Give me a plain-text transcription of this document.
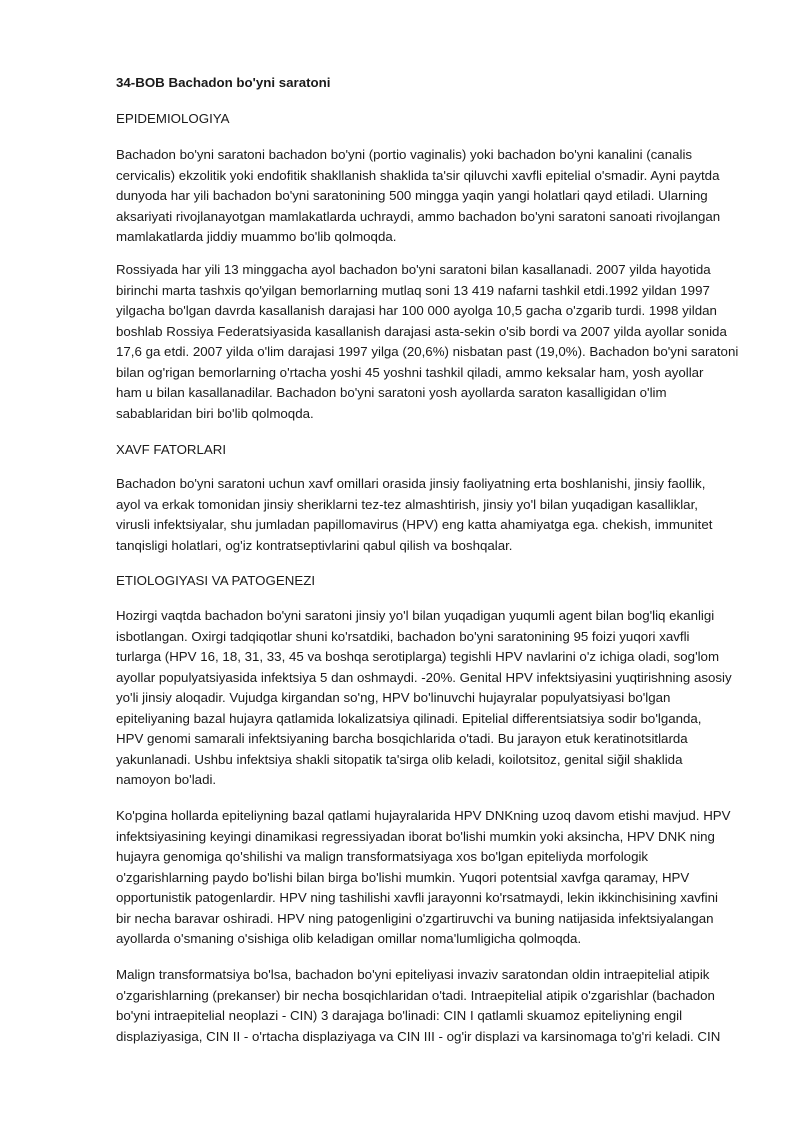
34-BOB Bachadon bo'yni saratoni
EPIDEMIOLOGIYA
Bachadon bo'yni saratoni bachadon bo'yni (portio vaginalis) yoki bachadon bo'yni kanalini (canalis
cervicalis) ekzolitik yoki endofitik shakllanish shaklida ta'sir qiluvchi xavfli epitelial o'smadir. Ayni paytda
dunyoda har yili bachadon bo'yni saratonining 500 mingga yaqin yangi holatlari qayd etiladi. Ularning
aksariyati rivojlanayotgan mamlakatlarda uchraydi, ammo bachadon bo'yni saratoni sanoati rivojlangan
mamlakatlarda jiddiy muammo bo'lib qolmoqda.
Rossiyada har yili 13 minggacha ayol bachadon bo'yni saratoni bilan kasallanadi. 2007 yilda hayotida
birinchi marta tashxis qo'yilgan bemorlarning mutlaq soni 13 419 nafarni tashkil etdi.1992 yildan 1997
yilgacha bo'lgan davrda kasallanish darajasi har 100 000 ayolga 10,5 gacha o'zgarib turdi. 1998 yildan
boshlab Rossiya Federatsiyasida kasallanish darajasi asta-sekin o'sib bordi va 2007 yilda ayollar sonida
17,6 ga etdi. 2007 yilda o'lim darajasi 1997 yilga (20,6%) nisbatan past (19,0%). Bachadon bo'yni saratoni
bilan og'rigan bemorlarning o'rtacha yoshi 45 yoshni tashkil qiladi, ammo keksalar ham, yosh ayollar
ham u bilan kasallanadilar. Bachadon bo'yni saratoni yosh ayollarda saraton kasalligidan o'lim
sabablaridan biri bo'lib qolmoqda.
XAVF FATORLARI
Bachadon bo'yni saratoni uchun xavf omillari orasida jinsiy faoliyatning erta boshlanishi, jinsiy faollik,
ayol va erkak tomonidan jinsiy sheriklarni tez-tez almashtirish, jinsiy yo'l bilan yuqadigan kasalliklar,
virusli infektsiyalar, shu jumladan papillomavirus (HPV) eng katta ahamiyatga ega. chekish, immunitet
tanqisligi holatlari, og'iz kontratseptivlarini qabul qilish va boshqalar.
ETIOLOGIYASI VA PATOGENEZI
Hozirgi vaqtda bachadon bo'yni saratoni jinsiy yo'l bilan yuqadigan yuqumli agent bilan bog'liq ekanligi
isbotlangan. Oxirgi tadqiqotlar shuni ko'rsatdiki, bachadon bo'yni saratonining 95 foizi yuqori xavfli
turlarga (HPV 16, 18, 31, 33, 45 va boshqa serotiplarga) tegishli HPV navlarini o'z ichiga oladi, sog'lom
ayollar populyatsiyasida infektsiya 5 dan oshmaydi. -20%. Genital HPV infektsiyasini yuqtirishning asosiy
yo'li jinsiy aloqadir. Vujudga kirgandan so'ng, HPV bo'linuvchi hujayralar populyatsiyasi bo'lgan
epiteliyaning bazal hujayra qatlamida lokalizatsiya qilinadi. Epitelial differentsiatsiya sodir bo'lganda,
HPV genomi samarali infektsiyaning barcha bosqichlarida o'tadi. Bu jarayon etuk keratinotsitlarda
yakunlanadi. Ushbu infektsiya shakli sitopatik ta'sirga olib keladi, koilotsitoz, genital siğil shaklida
namoyon bo'ladi.
Ko'pgina hollarda epiteliyning bazal qatlami hujayralarida HPV DNKning uzoq davom etishi mavjud. HPV
infektsiyasining keyingi dinamikasi regressiyadan iborat bo'lishi mumkin yoki aksincha, HPV DNK ning
hujayra genomiga qo'shilishi va malign transformatsiyaga xos bo'lgan epiteliyda morfologik
o'zgarishlarning paydo bo'lishi bilan birga bo'lishi mumkin. Yuqori potentsial xavfga qaramay, HPV
opportunistik patogenlardir. HPV ning tashilishi xavfli jarayonni ko'rsatmaydi, lekin ikkinchisining xavfini
bir necha baravar oshiradi. HPV ning patogenligini o'zgartiruvchi va buning natijasida infektsiyalangan
ayollarda o'smaning o'sishiga olib keladigan omillar noma'lumligicha qolmoqda.
Malign transformatsiya bo'lsa, bachadon bo'yni epiteliyasi invaziv saratondan oldin intraepitelial atipik
o'zgarishlarning (prekanser) bir necha bosqichlaridan o'tadi. Intraepitelial atipik o'zgarishlar (bachadon
bo'yni intraepitelial neoplazi - CIN) 3 darajaga bo'linadi: CIN I qatlamli skuamoz epiteliyning engil
displaziyasiga, CIN II - o'rtacha displaziyaga va CIN III - og'ir displazi va karsinomaga to'g'ri keladi. CIN
